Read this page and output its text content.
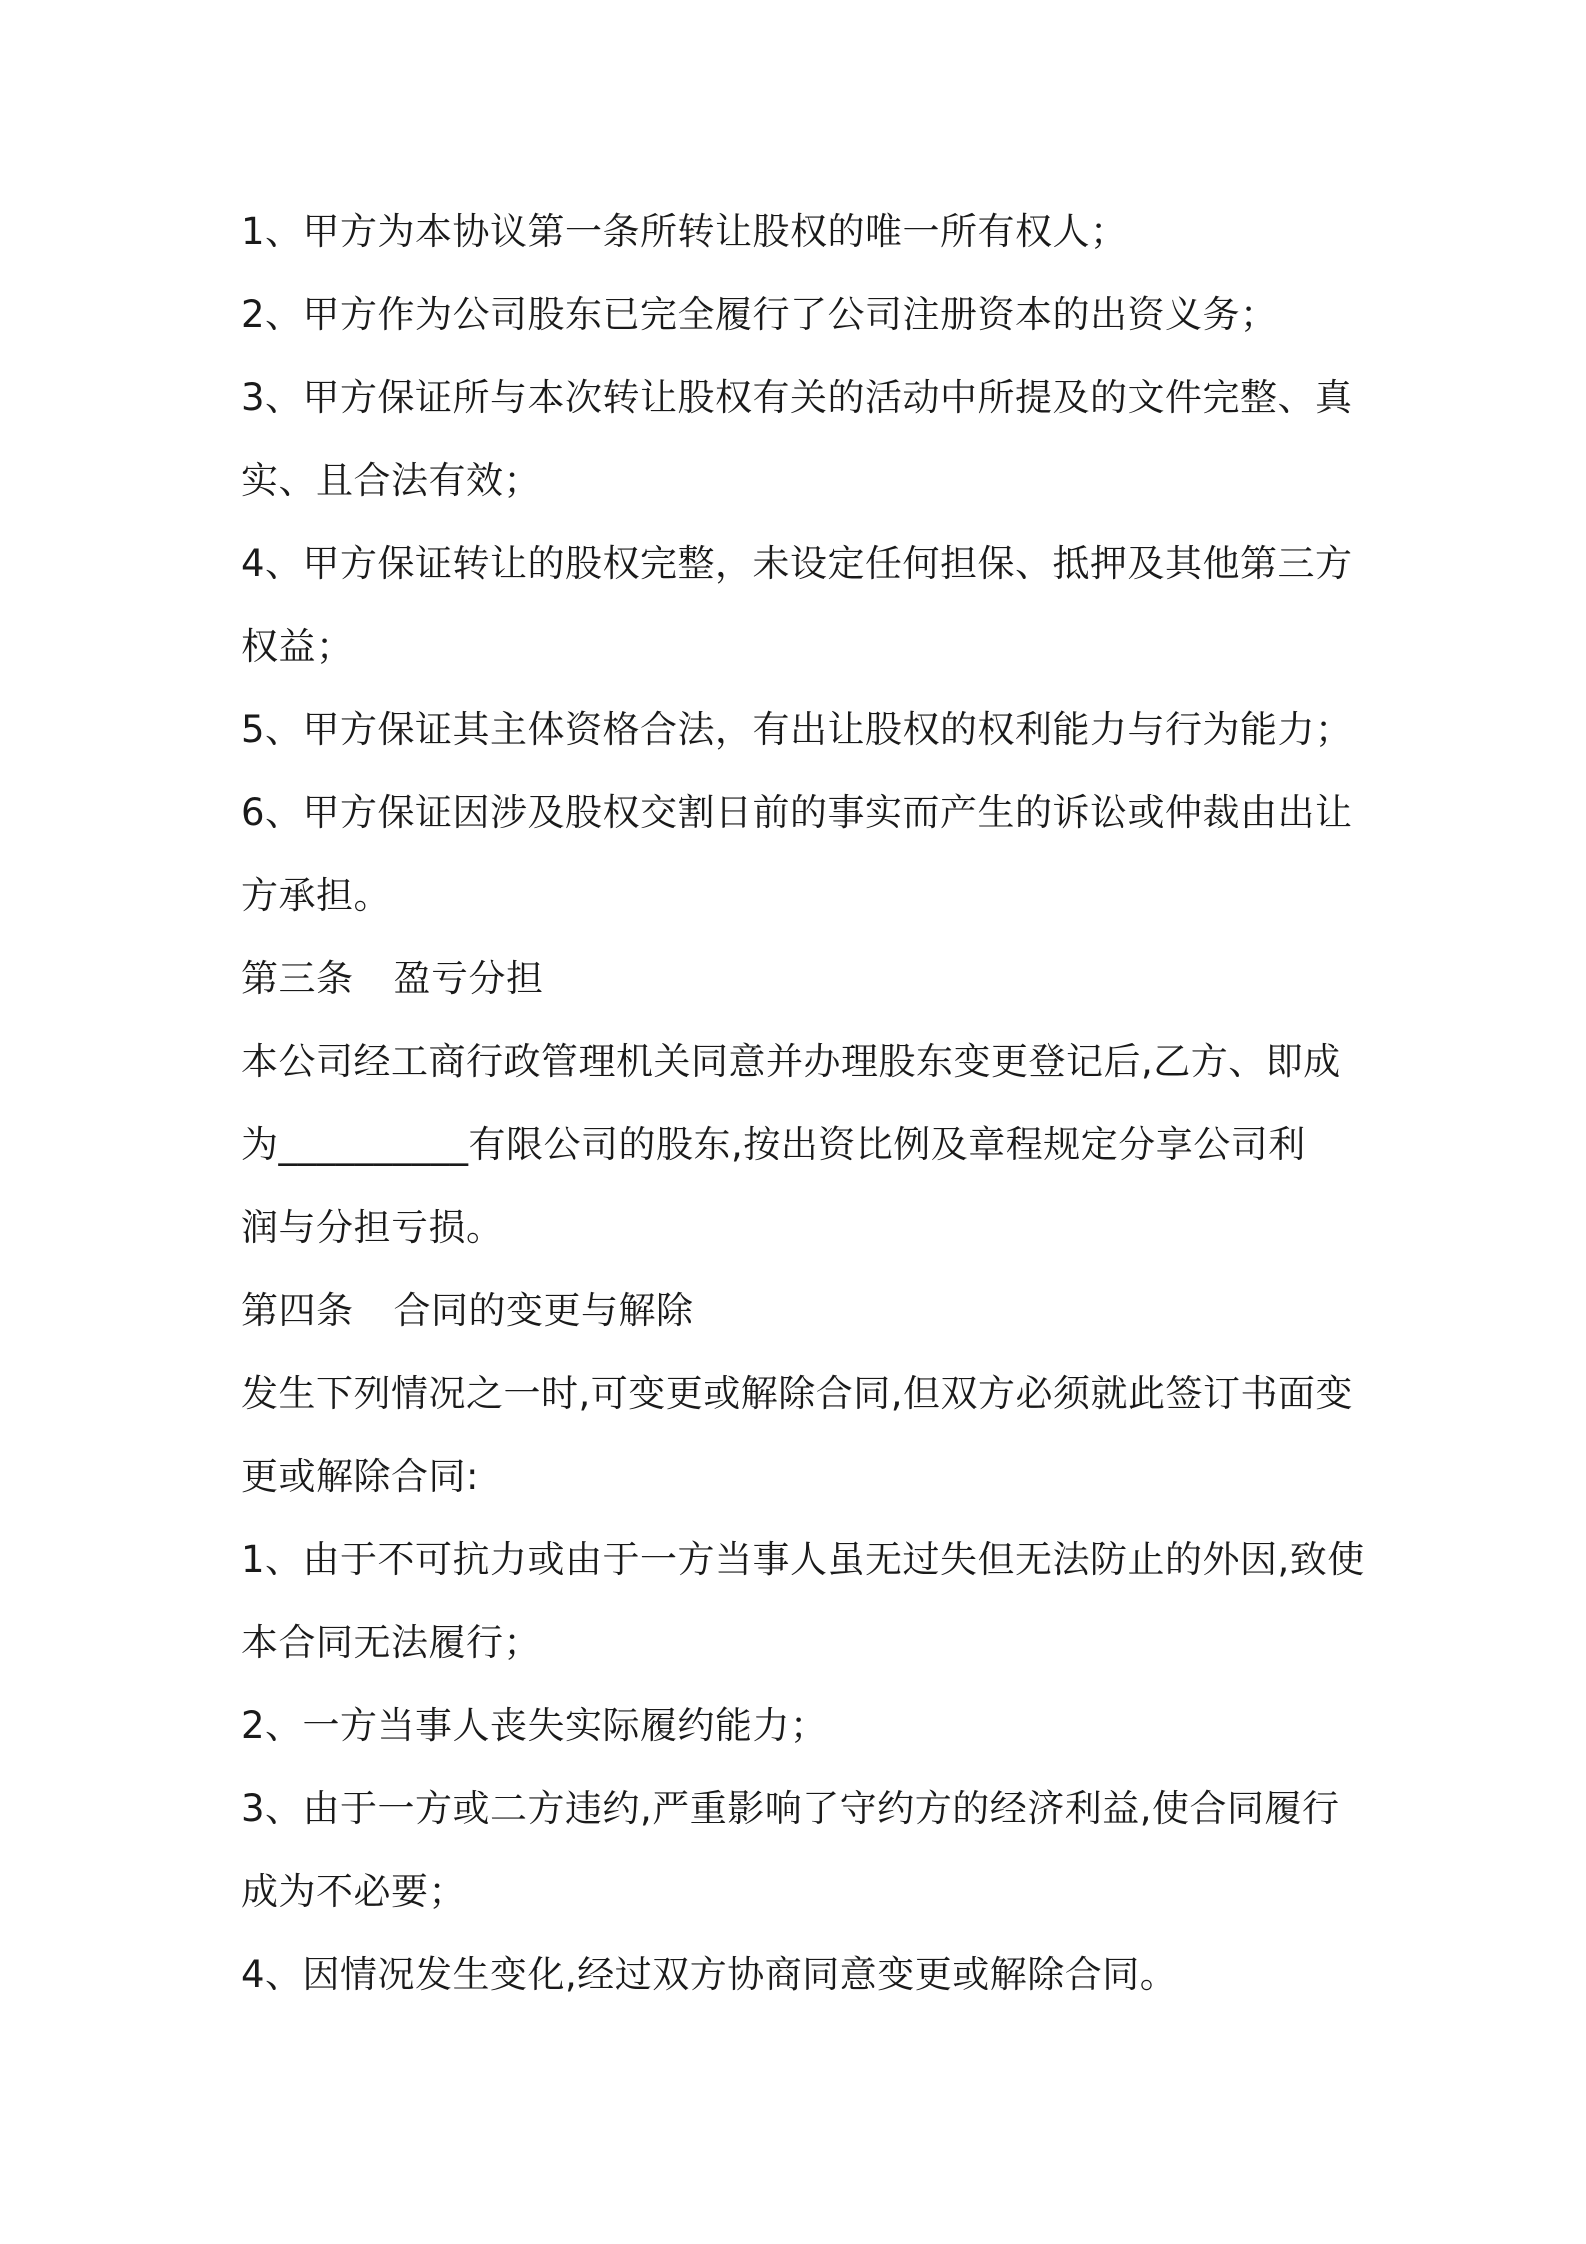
1、甲方为本协议第一条所转让股权的唯一所有权人；
2、甲方作为公司股东已完全履行了公司注册资本的出资义务；
3、甲方保证所与本次转让股权有关的活动中所提及的文件完整、真
实、且合法有效；
4、甲方保证转让的股权完整，未设定任何担保、抵押及其他第三方
权益；
5、甲方保证其主体资格合法，有出让股权的权利能力与行为能力；
6、甲方保证因涉及股权交割日前的事实而产生的诉讼或仲裁由出让
方承担。
第三条 盈亏分担
本公司经工商行政管理机关同意并办理股东变更登记后,乙方、即成
为__________有限公司的股东,按出资比例及章程规定分享公司利
润与分担亏损。
第四条 合同的变更与解除
发生下列情况之一时,可变更或解除合同,但双方必须就此签订书面变
更或解除合同:
1、由于不可抗力或由于一方当事人虽无过失但无法防止的外因,致使
本合同无法履行；
2、一方当事人丧失实际履约能力；
3、由于一方或二方违约,严重影响了守约方的经济利益,使合同履行
成为不必要；
4、因情况发生变化,经过双方协商同意变更或解除合同。
